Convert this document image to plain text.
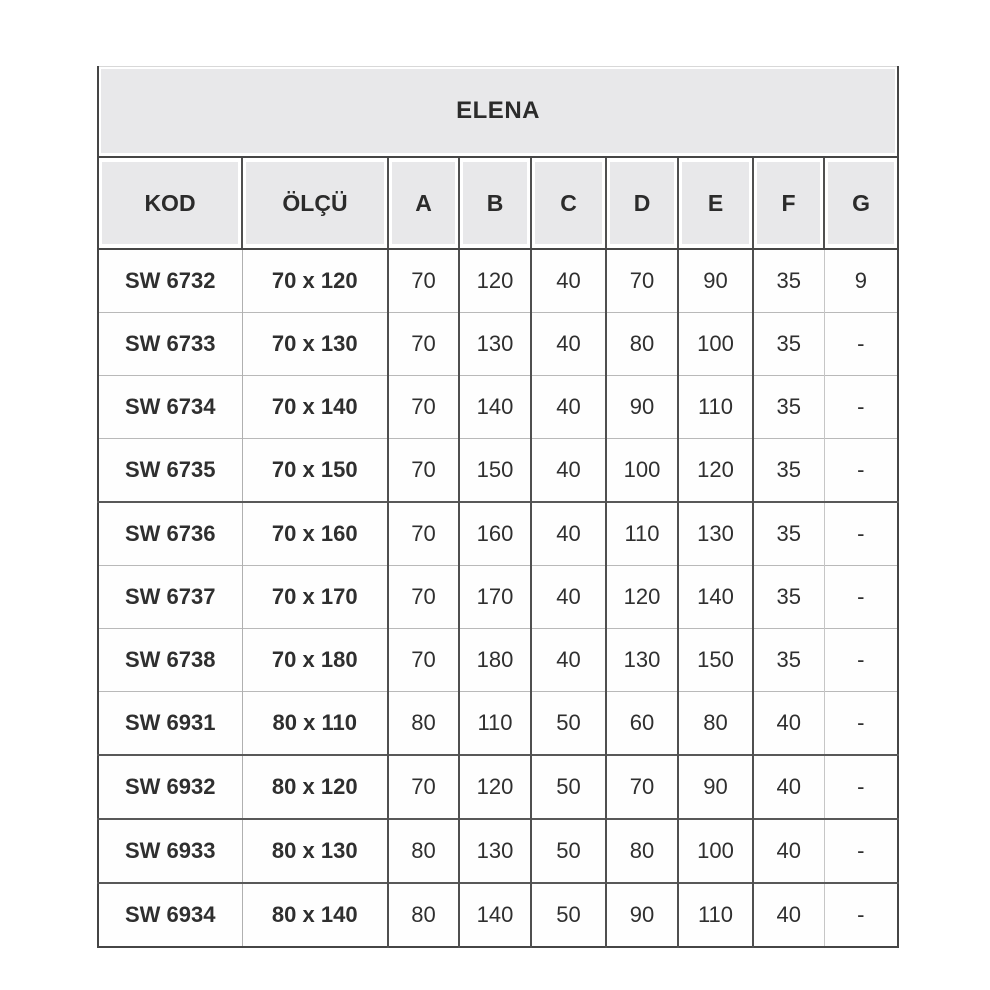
ELENA								
KOD	ÖLÇÜ	A	B	C	D	E	F	G
SW 6732	70 x 120	70	120	40	70	90	35	9
SW 6733	70 x 130	70	130	40	80	100	35	-
SW 6734	70 x 140	70	140	40	90	110	35	-
SW 6735	70 x 150	70	150	40	100	120	35	-
SW 6736	70 x 160	70	160	40	110	130	35	-
SW 6737	70 x 170	70	170	40	120	140	35	-
SW 6738	70 x 180	70	180	40	130	150	35	-
SW 6931	80 x 110	80	110	50	60	80	40	-
SW 6932	80 x 120	70	120	50	70	90	40	-
SW 6933	80 x 130	80	130	50	80	100	40	-
SW 6934	80 x 140	80	140	50	90	110	40	-
